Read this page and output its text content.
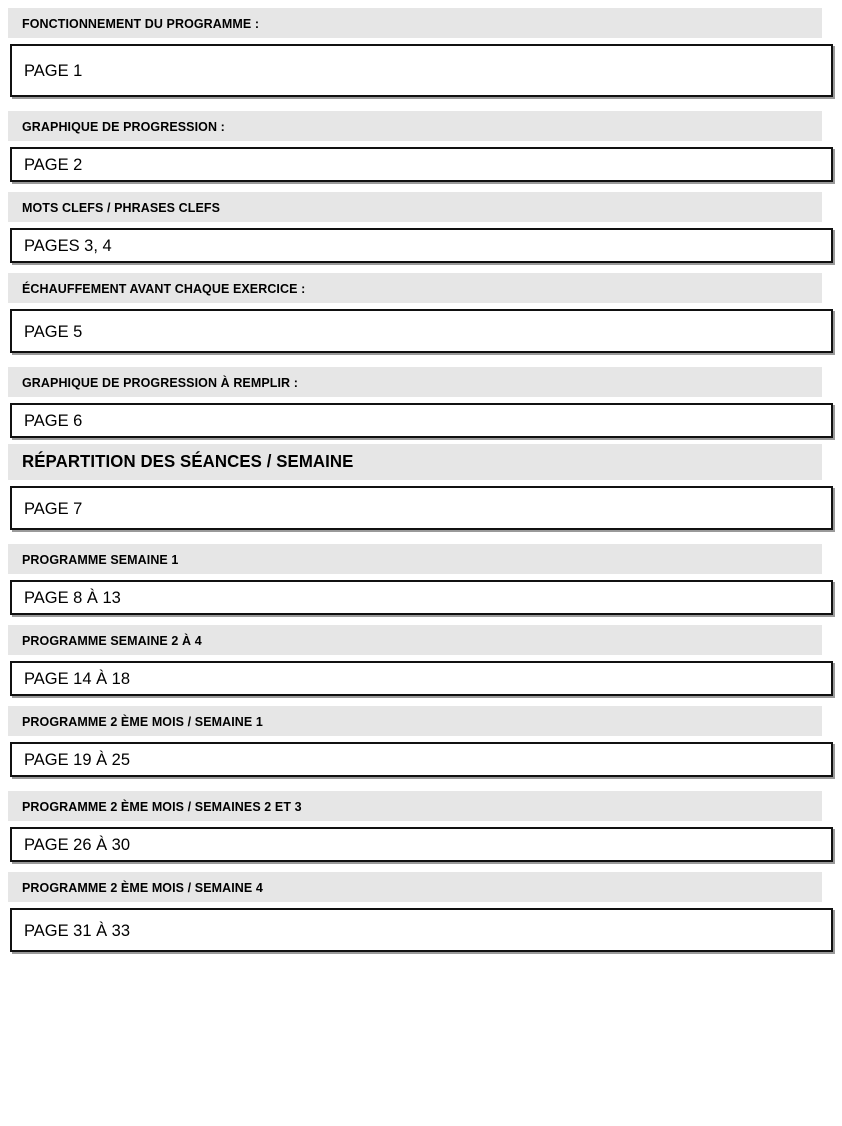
FONCTIONNEMENT DU PROGRAMME :
PAGE 1
GRAPHIQUE DE PROGRESSION :
PAGE 2
MOTS CLEFS / PHRASES CLEFS
PAGES 3, 4
ÉCHAUFFEMENT AVANT CHAQUE EXERCICE :
PAGE 5
GRAPHIQUE DE PROGRESSION À REMPLIR :
PAGE 6
RÉPARTITION DES SÉANCES / SEMAINE
PAGE 7
PROGRAMME SEMAINE 1
PAGE 8 À 13
PROGRAMME SEMAINE 2 À 4
PAGE 14 À 18
PROGRAMME 2 ÈME MOIS / SEMAINE 1
PAGE 19 À 25
PROGRAMME 2 ÈME MOIS / SEMAINES 2 ET 3
PAGE 26 À 30
PROGRAMME 2 ÈME MOIS / SEMAINE 4
PAGE 31 À 33
